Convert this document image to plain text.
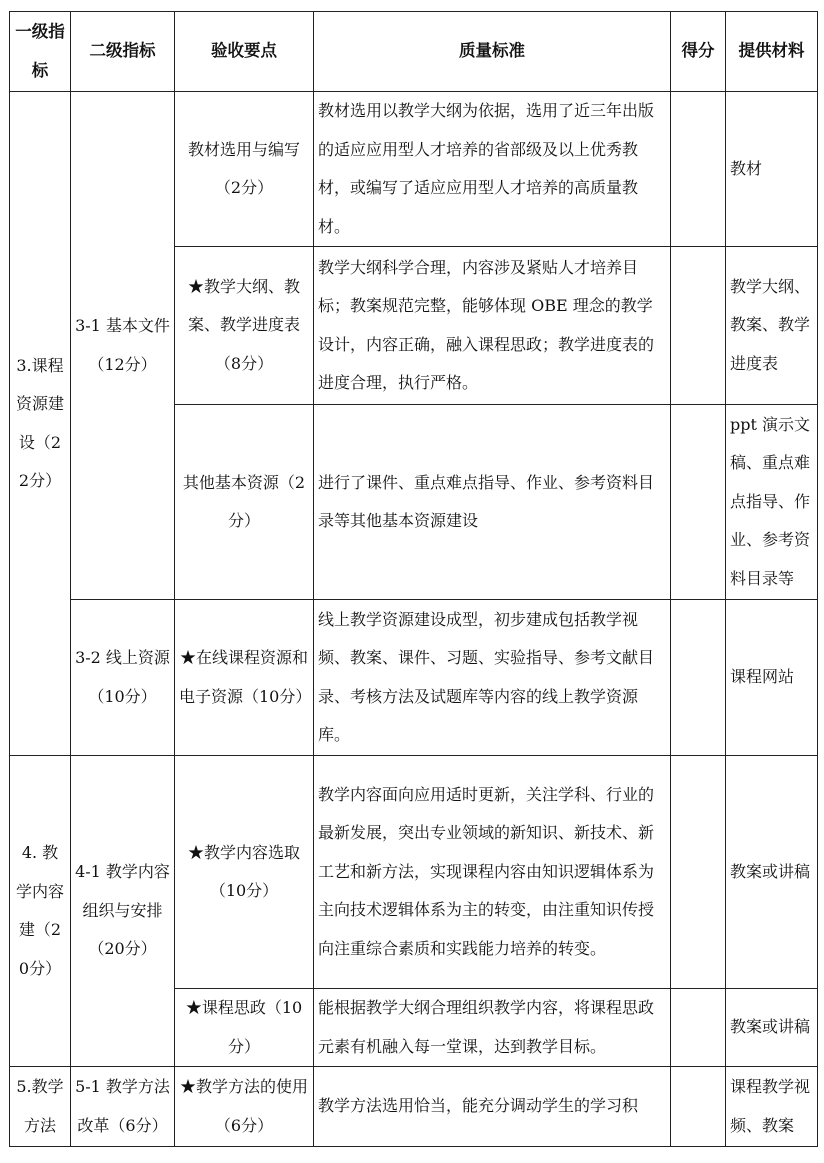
一级指标	二级指标	验收要点	质量标准	得分	提供材料
3.课程资源建设（22分）	3-1 基本文件（12分）	教材选用与编写（2分）	教材选用以教学大纲为依据，选用了近三年出版的适应应用型人才培养的省部级及以上优秀教材，或编写了适应应用型人才培养的高质量教材。		教材
		★教学大纲、教案、教学进度表（8分）	教学大纲科学合理，内容涉及紧贴人才培养目标；教案规范完整，能够体现 OBE 理念的教学设计，内容正确，融入课程思政；教学进度表的进度合理，执行严格。		教学大纲、教案、教学进度表
		其他基本资源（2分）	进行了课件、重点难点指导、作业、参考资料目录等其他基本资源建设		ppt 演示文稿、重点难点指导、作业、参考资料目录等
	3-2 线上资源（10分）	★在线课程资源和电子资源（10分）	线上教学资源建设成型，初步建成包括教学视频、教案、课件、习题、实验指导、参考文献目录、考核方法及试题库等内容的线上教学资源库。		课程网站
4. 教学内容建（20分）	4-1 教学内容组织与安排（20分）	★教学内容选取（10分）	教学内容面向应用适时更新，关注学科、行业的最新发展，突出专业领域的新知识、新技术、新工艺和新方法，实现课程内容由知识逻辑体系为主向技术逻辑体系为主的转变，由注重知识传授向注重综合素质和实践能力培养的转变。		教案或讲稿
		★课程思政（10分）	能根据教学大纲合理组织教学内容，将课程思政元素有机融入每一堂课，达到教学目标。		教案或讲稿
5.教学方法	5-1 教学方法改革（6分）	★教学方法的使用（6分）	教学方法选用恰当，能充分调动学生的学习积		课程教学视频、教案
